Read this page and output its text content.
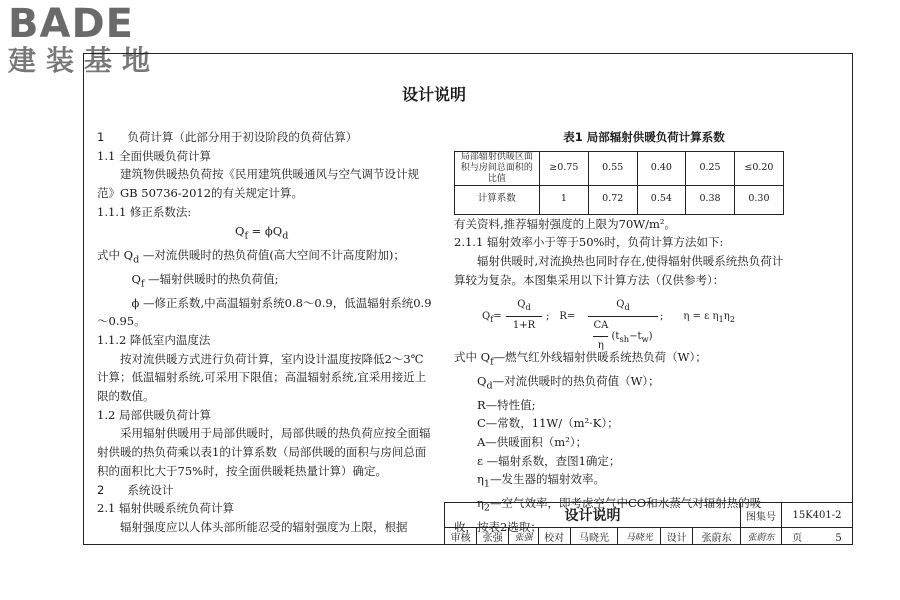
BADE
建装基地
设计说明

1　　负荷计算（此部分用于初设阶段的负荷估算）

1.1 全面供暖负荷计算

　　建筑物供暖热负荷按《民用建筑供暖通风与空气调节设计规范》GB 50736-2012的有关规定计算。

1.1.1 修正系数法:

　　　　　　　　　　　　$Q_f = \phi Q_d$

式中 $Q_d$ —对流供暖时的热负荷值(高大空间不计高度附加)；

　　　$Q_f$ —辐射供暖时的热负荷值;

　　　ϕ —修正系数,中高温辐射系统0.8～0.9，低温辐射系统0.9～0.95。

1.1.2 降低室内温度法

　　按对流供暖方式进行负荷计算，室内设计温度按降低2～3℃计算；低温辐射系统,可采用下限值；高温辐射系统,宜采用接近上限的数值。

1.2 局部供暖负荷计算

　　采用辐射供暖用于局部供暖时，局部供暖的热负荷应按全面辐射供暖的热负荷乘以表1的计算系数（局部供暖的面积与房间总面积的面积比大于75%时，按全面供暖耗热量计算）确定。

2　　系统设计

2.1 辐射供暖系统负荷计算

　　辐射强度应以人体头部所能忍受的辐射强度为上限，根据

表1 局部辐射供暖负荷计算系数
局部辐射供暖区面积与房间总面积的比值	≥0.75	0.55	0.40	0.25	≤0.20
计算系数	1	0.72	0.54	0.38	0.30

有关资料,推荐辐射强度的上限为70W/m²。

2.1.1 辐射效率小于等于50%时，负荷计算方法如下:

　　辐射供暖时,对流换热也同时存在,使得辐射供暖系统热负荷计算较为复杂。本图集采用以下计算方法（仅供参考）：

$Q_f=$
$Q_d$
1+R
;　R=
$Q_d$
$\frac{CA}{\eta} (t_{sh}-t_w)$
;　　η = ε $\eta_1\eta_2$

式中 $Q_f—$燃气红外线辐射供暖系统热负荷（W）；

　　$Q_d—$对流供暖时的热负荷值（W）；

　　R—特性值;

　　C—常数，11W/（m²·K）；

　　A—供暖面积（m²）；

　　ε —辐射系数，查图1确定；

　　$\eta_1—$发生器的辐射效率。

　　$\eta_2—$空气效率，即考虑空气中CO和水蒸气对辐射热的吸收，按表2选取；

设计说明								图集号	15K401-2
审核	张强	张强	校对	马晓光	马晓光	设计	张蔚东	张蔚东	页 5
